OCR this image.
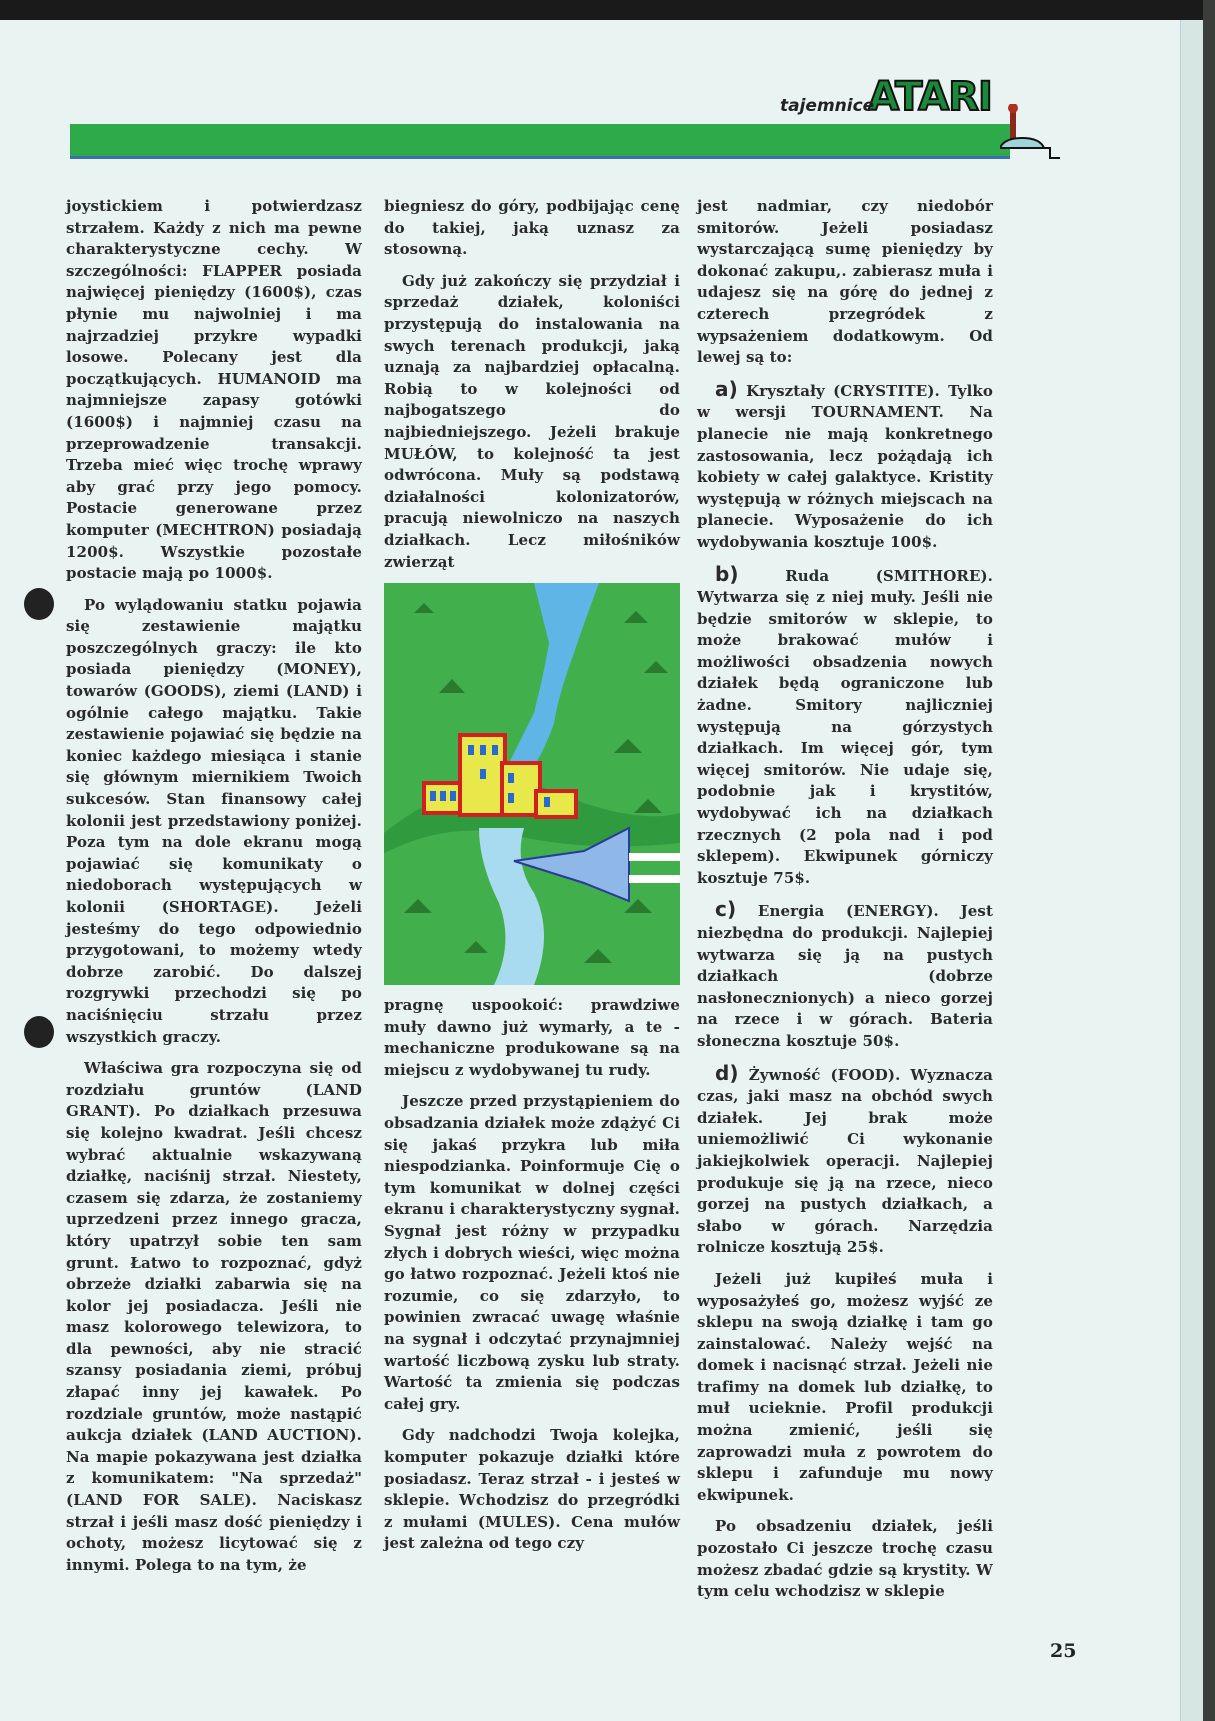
tajemnice
ATARI

joystickiem i potwierdzasz strzałem. Każdy z nich ma pewne charakterystyczne cechy. W szczególności: FLAPPER posiada najwięcej pieniędzy (1600$), czas płynie mu najwolniej i ma najrzadziej przykre wypadki losowe. Polecany jest dla początkujących. HUMANOID ma najmniejsze zapasy gotówki (1600$) i najmniej czasu na przeprowadzenie transakcji. Trzeba mieć więc trochę wprawy aby grać przy jego pomocy. Postacie generowane przez komputer (MECHTRON) posiadają 1200$. Wszystkie pozostałe postacie mają po 1000$.

Po wylądowaniu statku pojawia się zestawienie majątku poszczególnych graczy: ile kto posiada pieniędzy (MONEY), towarów (GOODS), ziemi (LAND) i ogólnie całego majątku. Takie zestawienie pojawiać się będzie na koniec każdego miesiąca i stanie się głównym miernikiem Twoich sukcesów. Stan finansowy całej kolonii jest przedstawiony poniżej. Poza tym na dole ekranu mogą pojawiać się komunikaty o niedoborach występujących w kolonii (SHORTAGE). Jeżeli jesteśmy do tego odpowiednio przygotowani, to możemy wtedy dobrze zarobić. Do dalszej rozgrywki przechodzi się po naciśnięciu strzału przez wszystkich graczy.

Właściwa gra rozpoczyna się od rozdziału gruntów (LAND GRANT). Po działkach przesuwa się kolejno kwadrat. Jeśli chcesz wybrać aktualnie wskazywaną działkę, naciśnij strzał. Niestety, czasem się zdarza, że zostaniemy uprzedzeni przez innego gracza, który upatrzył sobie ten sam grunt. Łatwo to rozpoznać, gdyż obrzeże działki zabarwia się na kolor jej posiadacza. Jeśli nie masz kolorowego telewizora, to dla pewności, aby nie stracić szansy posiadania ziemi, próbuj złapać inny jej kawałek. Po rozdziale gruntów, może nastąpić aukcja działek (LAND AUCTION). Na mapie pokazywana jest działka z komunikatem: "Na sprzedaż" (LAND FOR SALE). Naciskasz strzał i jeśli masz dość pieniędzy i ochoty, możesz licytować się z innymi. Polega to na tym, że

biegniesz do góry, podbijając cenę do takiej, jaką uznasz za stosowną.

Gdy już zakończy się przydział i sprzedaż działek, koloniści przystępują do instalowania na swych terenach produkcji, jaką uznają za najbardziej opłacalną. Robią to w kolejności od najbogatszego do najbiedniejszego. Jeżeli brakuje MUŁÓW, to kolejność ta jest odwrócona. Muły są podstawą działalności kolonizatorów, pracują niewolniczo na naszych działkach. Lecz miłośników zwierząt

pragnę uspookoić: prawdziwe muły dawno już wymarły, a te - mechaniczne produkowane są na miejscu z wydobywanej tu rudy.

Jeszcze przed przystąpieniem do obsadzania działek może zdążyć Ci się jakaś przykra lub miła niespodzianka. Poinformuje Cię o tym komunikat w dolnej części ekranu i charakterystyczny sygnał. Sygnał jest różny w przypadku złych i dobrych wieści, więc można go łatwo rozpoznać. Jeżeli ktoś nie rozumie, co się zdarzyło, to powinien zwracać uwagę właśnie na sygnał i odczytać przynajmniej wartość liczbową zysku lub straty. Wartość ta zmienia się podczas całej gry.

Gdy nadchodzi Twoja kolejka, komputer pokazuje działki które posiadasz. Teraz strzał - i jesteś w sklepie. Wchodzisz do przegródki z mułami (MULES). Cena mułów jest zależna od tego czy

jest nadmiar, czy niedobór smitorów. Jeżeli posiadasz wystarczającą sumę pieniędzy by dokonać zakupu,. zabierasz muła i udajesz się na górę do jednej z czterech przegródek z wypsażeniem dodatkowym. Od lewej są to:

a) Kryształy (CRYSTITE). Tylko w wersji TOURNAMENT. Na planecie nie mają konkretnego zastosowania, lecz pożądają ich kobiety w całej galaktyce. Kristity występują w różnych miejscach na planecie. Wyposażenie do ich wydobywania kosztuje 100$.

b)	Ruda (SMITHORE). Wytwarza się z niej muły. Jeśli nie będzie smitorów w sklepie, to może brakować mułów i możliwości obsadzenia nowych działek będą ograniczone lub żadne. Smitory najliczniej występują na górzystych działkach. Im więcej gór, tym więcej smitorów. Nie udaje się, podobnie jak i krystitów, wydobywać ich na działkach rzecznych (2 pola nad i pod sklepem). Ekwipunek górniczy kosztuje 75$.

c) Energia (ENERGY). Jest niezbędna do produkcji. Najlepiej wytwarza się ją na pustych działkach (dobrze nasłonecznionych) a nieco gorzej na rzece i w górach. Bateria słoneczna kosztuje 50$.

d) Żywność (FOOD). Wyznacza czas, jaki masz na obchód swych działek. Jej brak może uniemożliwić Ci wykonanie jakiejkolwiek operacji. Najlepiej produkuje się ją na rzece, nieco gorzej na pustych działkach, a słabo w górach. Narzędzia rolnicze kosztują 25$.

Jeżeli już kupiłeś muła i wyposażyłeś go, możesz wyjść ze sklepu na swoją działkę i tam go zainstalować. Należy wejść na domek i nacisnąć strzał. Jeżeli nie trafimy na domek lub działkę, to muł ucieknie. Profil produkcji można zmienić, jeśli się zaprowadzi muła z powrotem do sklepu i zafunduje mu nowy ekwipunek.

Po obsadzeniu działek, jeśli pozostało Ci jeszcze trochę czasu możesz zbadać gdzie są krystity. W tym celu wchodzisz w sklepie

25
